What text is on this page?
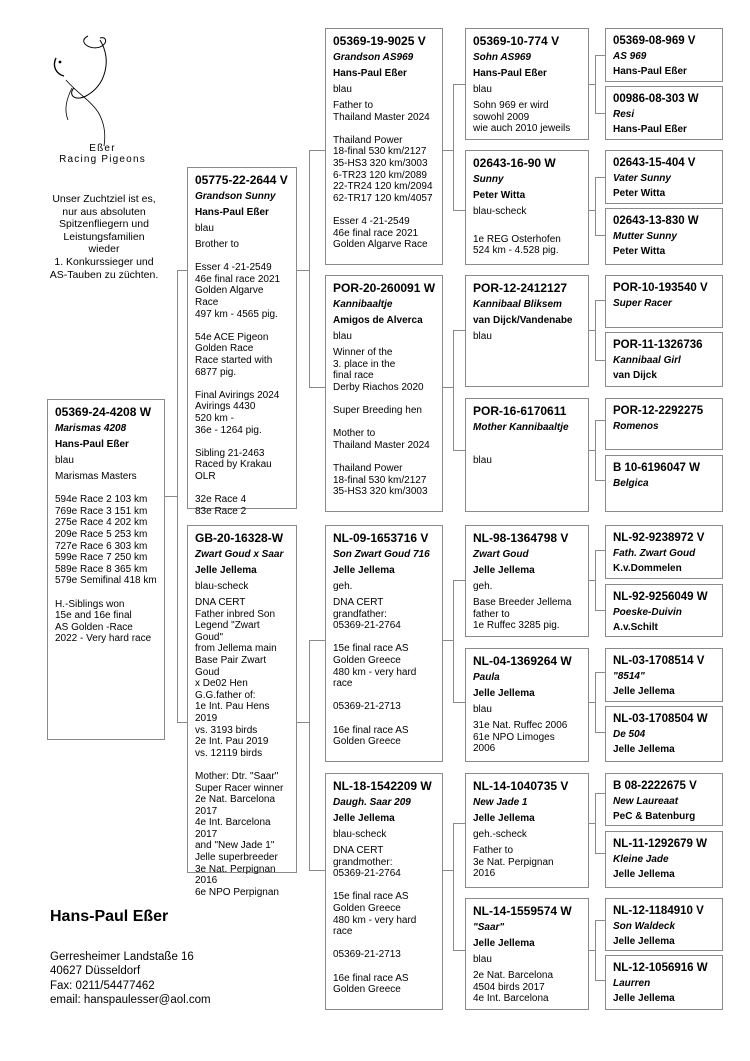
Eßer
Racing Pigeons
Unser Zuchtziel ist es,
nur aus absoluten
Spitzenfliegern und
Leistungsfamilien
wieder
1. Konkurssieger und
AS-Tauben zu züchten.
05369-24-4208 W
Marismas 4208
Hans-Paul Eßer
blau
Marismas Masters

594e Race 2 103 km
769e Race 3 151 km
275e Race 4 202 km
209e Race 5 253 km
727e Race 6 303 km
599e Race 7 250 km
589e Race 8 365 km
579e Semifinal 418 km

H.-Siblings won
15e and 16e final
AS Golden -Race
2022 - Very hard race
05775-22-2644 V
Grandson Sunny
Hans-Paul Eßer
blau
Brother to

Esser 4 -21-2549
46e final race 2021
Golden Algarve Race
497 km - 4565 pig.

54e ACE Pigeon
Golden Race
Race started with
6877 pig.

Final Avirings 2024
Avirings 4430
520 km -
36e - 1264 pig.

Sibling 21-2463
Raced by Krakau OLR

32e Race 4
83e Race 2
GB-20-16328-W
Zwart Goud x Saar
Jelle Jellema
blau-scheck
DNA CERT
Father inbred Son
Legend "Zwart Goud"
from Jellema main
Base Pair Zwart Goud
x De02 Hen
G.G.father of:
1e Int. Pau Hens 2019
vs. 3193 birds
2e Int. Pau 2019
vs. 12119 birds

Mother: Dtr. "Saar"
Super Racer winner
2e Nat. Barcelona
2017
4e Int. Barcelona 2017
and "New Jade 1"
Jelle superbreeder
3e Nat. Perpignan
2016
6e NPO Perpignan
05369-19-9025 V
Grandson AS969
Hans-Paul Eßer
blau
Father to
Thailand Master 2024

Thailand Power
18-final 530 km/2127
35-HS3 320 km/3003
6-TR23 120 km/2089
22-TR24 120 km/2094
62-TR17 120 km/4057

Esser 4 -21-2549
46e final race 2021
Golden Algarve Race
POR-20-260091 W
Kannibaaltje
Amigos de Alverca
blau
Winner of the
3. place in the
final race
Derby Riachos 2020

Super Breeding hen

Mother to
Thailand Master 2024

Thailand Power
18-final 530 km/2127
35-HS3 320 km/3003
NL-09-1653716 V
Son Zwart Goud 716
Jelle Jellema
geh.
DNA CERT
grandfather:
05369-21-2764

15e final race AS
Golden Greece
480 km - very hard
race

05369-21-2713

16e final race AS
Golden Greece
NL-18-1542209 W
Daugh. Saar 209
Jelle Jellema
blau-scheck
DNA CERT
grandmother:
05369-21-2764

15e final race AS
Golden Greece
480 km - very hard
race

05369-21-2713

16e final race AS
Golden Greece
05369-10-774 V
Sohn AS969
Hans-Paul Eßer
blau
Sohn 969 er wird
sowohl 2009
wie auch 2010 jeweils
02643-16-90 W
Sunny
Peter Witta
blau-scheck

1e REG Osterhofen
524 km - 4.528 pig.
POR-12-2412127
Kannibaal Bliksem
van Dijck/Vandenabe
blau
POR-16-6170611
Mother Kannibaaltje
blau
NL-98-1364798 V
Zwart Goud
Jelle Jellema
geh.
Base Breeder Jellema
father to
1e Ruffec 3285 pig.
NL-04-1369264 W
Paula
Jelle Jellema
blau
31e Nat. Ruffec 2006
61e NPO Limoges
2006
NL-14-1040735 V
New Jade 1
Jelle Jellema
geh.-scheck
Father to
3e Nat. Perpignan
2016
NL-14-1559574 W
"Saar"
Jelle Jellema
blau
2e Nat. Barcelona
4504 birds 2017
4e Int. Barcelona
05369-08-969 V
AS 969
Hans-Paul Eßer
00986-08-303 W
Resi
Hans-Paul Eßer
02643-15-404 V
Vater Sunny
Peter Witta
02643-13-830 W
Mutter Sunny
Peter Witta
POR-10-193540 V
Super Racer
POR-11-1326736
Kannibaal Girl
van Dijck
POR-12-2292275
Romenos
B 10-6196047 W
Belgica
NL-92-9238972 V
Fath. Zwart Goud
K.v.Dommelen
NL-92-9256049 W
Poeske-Duivin
A.v.Schilt
NL-03-1708514 V
"8514"
Jelle Jellema
NL-03-1708504 W
De 504
Jelle Jellema
B 08-2222675 V
New Laureaat
PeC & Batenburg
NL-11-1292679 W
Kleine Jade
Jelle Jellema
NL-12-1184910 V
Son Waldeck
Jelle Jellema
NL-12-1056916 W
Laurren
Jelle Jellema
Hans-Paul Eßer
Gerresheimer Landstaße 16
40627 Düsseldorf
Fax: 0211/54477462
email: hanspaulesser@aol.com
